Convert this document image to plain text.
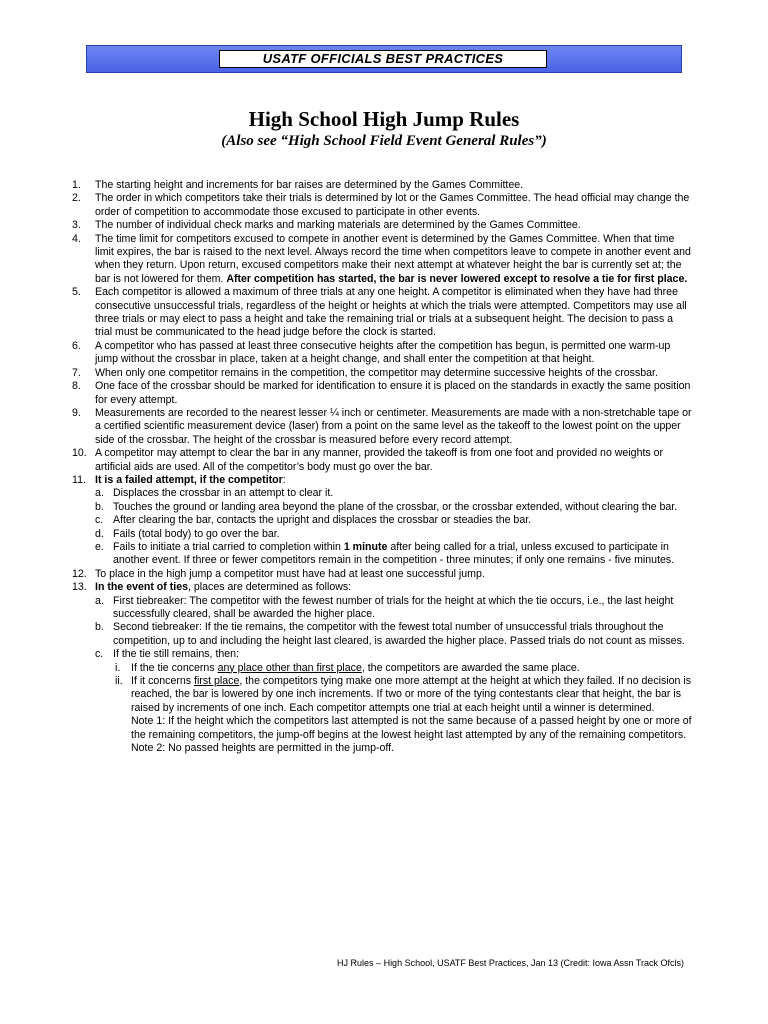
USATF OFFICIALS BEST PRACTICES
High School High Jump Rules
(Also see “High School Field Event General Rules”)
1. The starting height and increments for bar raises are determined by the Games Committee.
2. The order in which competitors take their trials is determined by lot or the Games Committee. The head official may change the order of competition to accommodate those excused to participate in other events.
3. The number of individual check marks and marking materials are determined by the Games Committee.
4. The time limit for competitors excused to compete in another event is determined by the Games Committee. When that time limit expires, the bar is raised to the next level. Always record the time when competitors leave to compete in another event and when they return. Upon return, excused competitors make their next attempt at whatever height the bar is currently set at; the bar is not lowered for them. After competition has started, the bar is never lowered except to resolve a tie for first place.
5. Each competitor is allowed a maximum of three trials at any one height. A competitor is eliminated when they have had three consecutive unsuccessful trials, regardless of the height or heights at which the trials were attempted. Competitors may use all three trials or may elect to pass a height and take the remaining trial or trials at a subsequent height. The decision to pass a trial must be communicated to the head judge before the clock is started.
6. A competitor who has passed at least three consecutive heights after the competition has begun, is permitted one warm-up jump without the crossbar in place, taken at a height change, and shall enter the competition at that height.
7. When only one competitor remains in the competition, the competitor may determine successive heights of the crossbar.
8. One face of the crossbar should be marked for identification to ensure it is placed on the standards in exactly the same position for every attempt.
9. Measurements are recorded to the nearest lesser ¼ inch or centimeter. Measurements are made with a non-stretchable tape or a certified scientific measurement device (laser) from a point on the same level as the takeoff to the lowest point on the upper side of the crossbar. The height of the crossbar is measured before every record attempt.
10. A competitor may attempt to clear the bar in any manner, provided the takeoff is from one foot and provided no weights or artificial aids are used. All of the competitor’s body must go over the bar.
11. It is a failed attempt, if the competitor:
a. Displaces the crossbar in an attempt to clear it.
b. Touches the ground or landing area beyond the plane of the crossbar, or the crossbar extended, without clearing the bar.
c. After clearing the bar, contacts the upright and displaces the crossbar or steadies the bar.
d. Fails (total body) to go over the bar.
e. Fails to initiate a trial carried to completion within 1 minute after being called for a trial, unless excused to participate in another event. If three or fewer competitors remain in the competition - three minutes; if only one remains - five minutes.
12. To place in the high jump a competitor must have had at least one successful jump.
13. In the event of ties, places are determined as follows:
a. First tiebreaker: The competitor with the fewest number of trials for the height at which the tie occurs, i.e., the last height successfully cleared, shall be awarded the higher place.
b. Second tiebreaker: If the tie remains, the competitor with the fewest total number of unsuccessful trials throughout the competition, up to and including the height last cleared, is awarded the higher place. Passed trials do not count as misses.
c. If the tie still remains, then:
i. If the tie concerns any place other than first place, the competitors are awarded the same place.
ii. If it concerns first place, the competitors tying make one more attempt at the height at which they failed. If no decision is reached, the bar is lowered by one inch increments. If two or more of the tying contestants clear that height, the bar is raised by increments of one inch. Each competitor attempts one trial at each height until a winner is determined.
Note 1: If the height which the competitors last attempted is not the same because of a passed height by one or more of the remaining competitors, the jump-off begins at the lowest height last attempted by any of the remaining competitors.
Note 2: No passed heights are permitted in the jump-off.
HJ Rules – High School, USATF Best Practices, Jan 13 (Credit: Iowa Assn Track Ofcls)
